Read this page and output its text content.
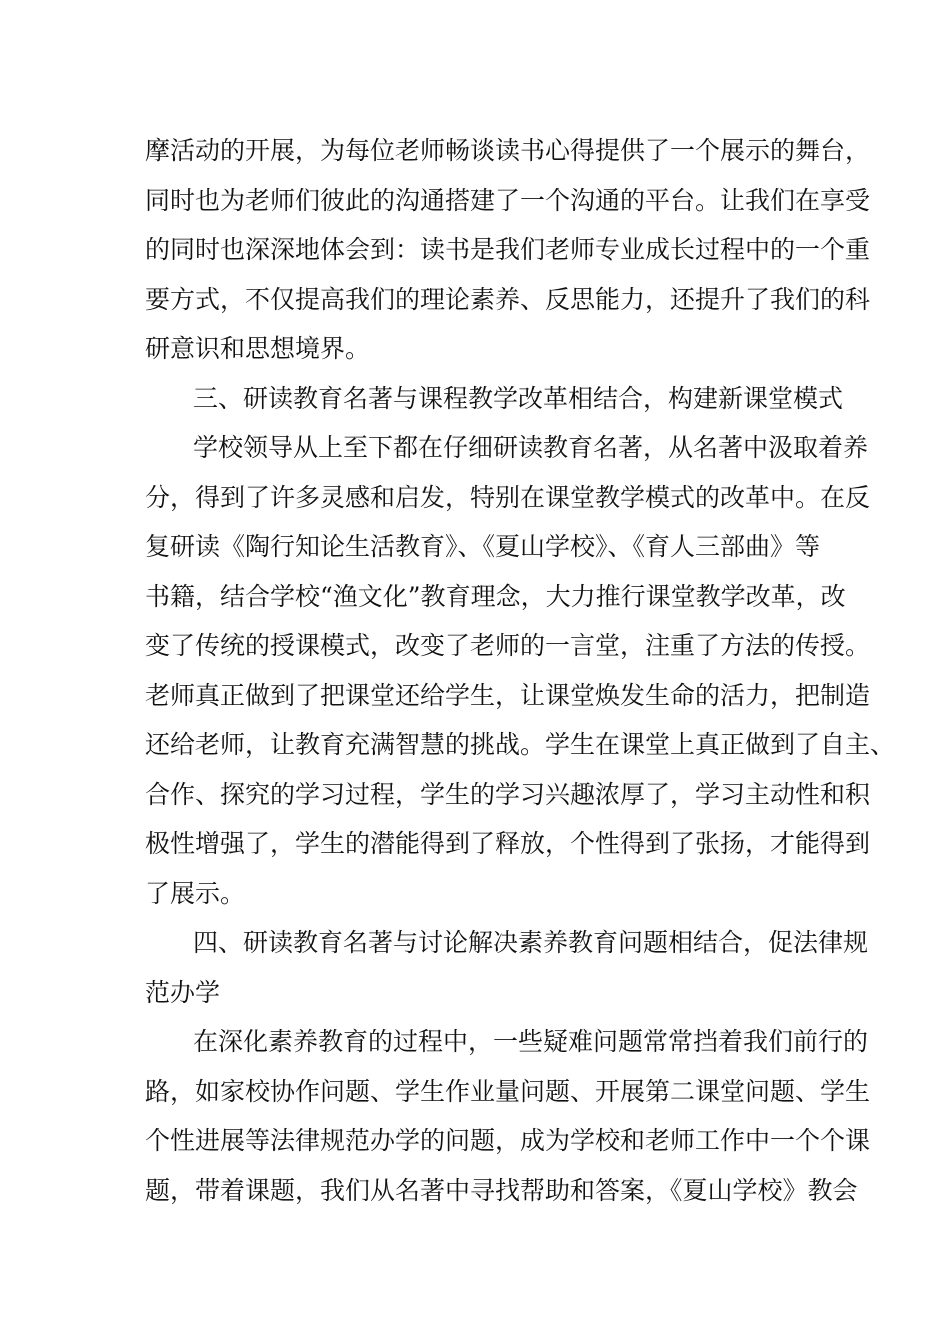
摩活动的开展，为每位老师畅谈读书心得提供了一个展示的舞台，
同时也为老师们彼此的沟通搭建了一个沟通的平台。让我们在享受
的同时也深深地体会到：读书是我们老师专业成长过程中的一个重
要方式，不仅提高我们的理论素养、反思能力，还提升了我们的科
研意识和思想境界。
三、研读教育名著与课程教学改革相结合，构建新课堂模式
学校领导从上至下都在仔细研读教育名著，从名著中汲取着养
分，得到了许多灵感和启发，特别在课堂教学模式的改革中。在反
复研读《陶行知论生活教育》、《夏山学校》、《育人三部曲》等
书籍，结合学校“渔文化”教育理念，大力推行课堂教学改革，改
变了传统的授课模式，改变了老师的一言堂，注重了方法的传授。
老师真正做到了把课堂还给学生，让课堂焕发生命的活力，把制造
还给老师，让教育充满智慧的挑战。学生在课堂上真正做到了自主、
合作、探究的学习过程，学生的学习兴趣浓厚了，学习主动性和积
极性增强了，学生的潜能得到了释放，个性得到了张扬，才能得到
了展示。
四、研读教育名著与讨论解决素养教育问题相结合，促法律规
范办学
在深化素养教育的过程中，一些疑难问题常常挡着我们前行的
路，如家校协作问题、学生作业量问题、开展第二课堂问题、学生
个性进展等法律规范办学的问题，成为学校和老师工作中一个个课
题，带着课题，我们从名著中寻找帮助和答案，《夏山学校》教会
